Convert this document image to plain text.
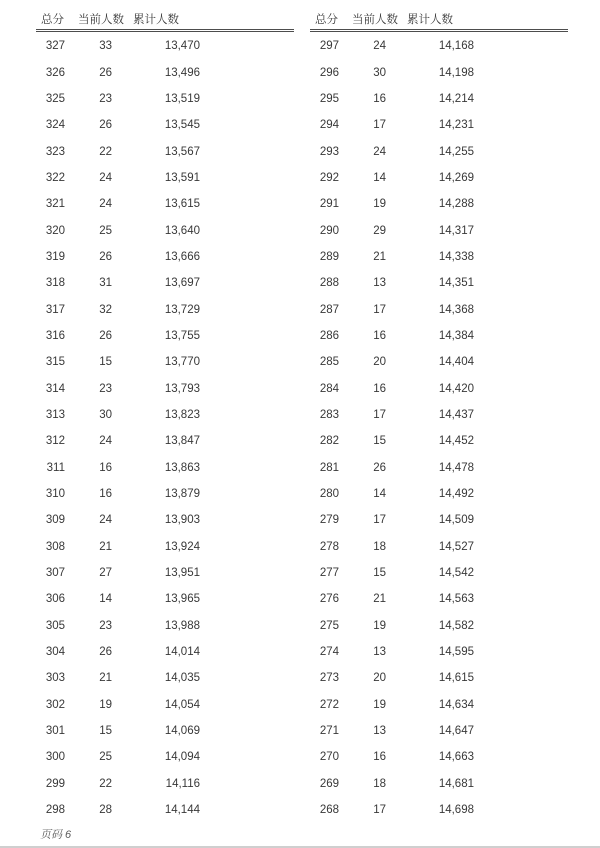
总分 当前人数 累计人数
327	33	13,470
326	26	13,496
325	23	13,519
324	26	13,545
323	22	13,567
322	24	13,591
321	24	13,615
320	25	13,640
319	26	13,666
318	31	13,697
317	32	13,729
316	26	13,755
315	15	13,770
314	23	13,793
313	30	13,823
312	24	13,847
311	16	13,863
310	16	13,879
309	24	13,903
308	21	13,924
307	27	13,951
306	14	13,965
305	23	13,988
304	26	14,014
303	21	14,035
302	19	14,054
301	15	14,069
300	25	14,094
299	22	14,116
298	28	14,144
总分 当前人数 累计人数
297	24	14,168
296	30	14,198
295	16	14,214
294	17	14,231
293	24	14,255
292	14	14,269
291	19	14,288
290	29	14,317
289	21	14,338
288	13	14,351
287	17	14,368
286	16	14,384
285	20	14,404
284	16	14,420
283	17	14,437
282	15	14,452
281	26	14,478
280	14	14,492
279	17	14,509
278	18	14,527
277	15	14,542
276	21	14,563
275	19	14,582
274	13	14,595
273	20	14,615
272	19	14,634
271	13	14,647
270	16	14,663
269	18	14,681
268	17	14,698
页码 6
